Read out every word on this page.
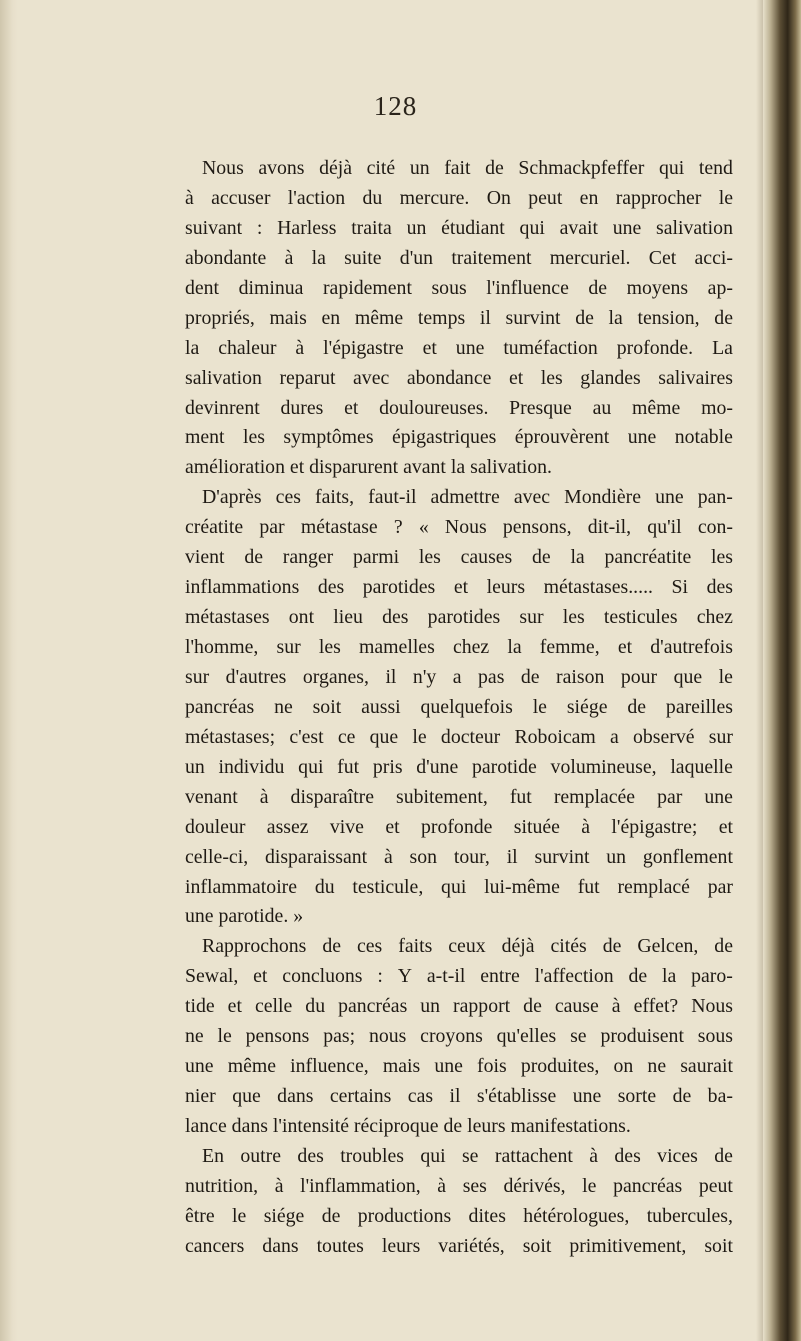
128
Nous avons déjà cité un fait de Schmackpfeffer qui tend
à accuser l'action du mercure. On peut en rapprocher le
suivant : Harless traita un étudiant qui avait une salivation
abondante à la suite d'un traitement mercuriel. Cet acci-
dent diminua rapidement sous l'influence de moyens ap-
propriés, mais en même temps il survint de la tension, de
la chaleur à l'épigastre et une tuméfaction profonde. La
salivation reparut avec abondance et les glandes salivaires
devinrent dures et douloureuses. Presque au même mo-
ment les symptômes épigastriques éprouvèrent une notable
amélioration et disparurent avant la salivation.
D'après ces faits, faut-il admettre avec Mondière une pan-
créatite par métastase ? « Nous pensons, dit-il, qu'il con-
vient de ranger parmi les causes de la pancréatite les
inflammations des parotides et leurs métastases..... Si des
métastases ont lieu des parotides sur les testicules chez
l'homme, sur les mamelles chez la femme, et d'autrefois
sur d'autres organes, il n'y a pas de raison pour que le
pancréas ne soit aussi quelquefois le siége de pareilles
métastases; c'est ce que le docteur Roboicam a observé sur
un individu qui fut pris d'une parotide volumineuse, laquelle
venant à disparaître subitement, fut remplacée par une
douleur assez vive et profonde située à l'épigastre; et
celle-ci, disparaissant à son tour, il survint un gonflement
inflammatoire du testicule, qui lui-même fut remplacé par
une parotide. »
Rapprochons de ces faits ceux déjà cités de Gelcen, de
Sewal, et concluons : Y a-t-il entre l'affection de la paro-
tide et celle du pancréas un rapport de cause à effet? Nous
ne le pensons pas; nous croyons qu'elles se produisent sous
une même influence, mais une fois produites, on ne saurait
nier que dans certains cas il s'établisse une sorte de ba-
lance dans l'intensité réciproque de leurs manifestations.
En outre des troubles qui se rattachent à des vices de
nutrition, à l'inflammation, à ses dérivés, le pancréas peut
être le siége de productions dites hétérologues, tubercules,
cancers dans toutes leurs variétés, soit primitivement, soit
